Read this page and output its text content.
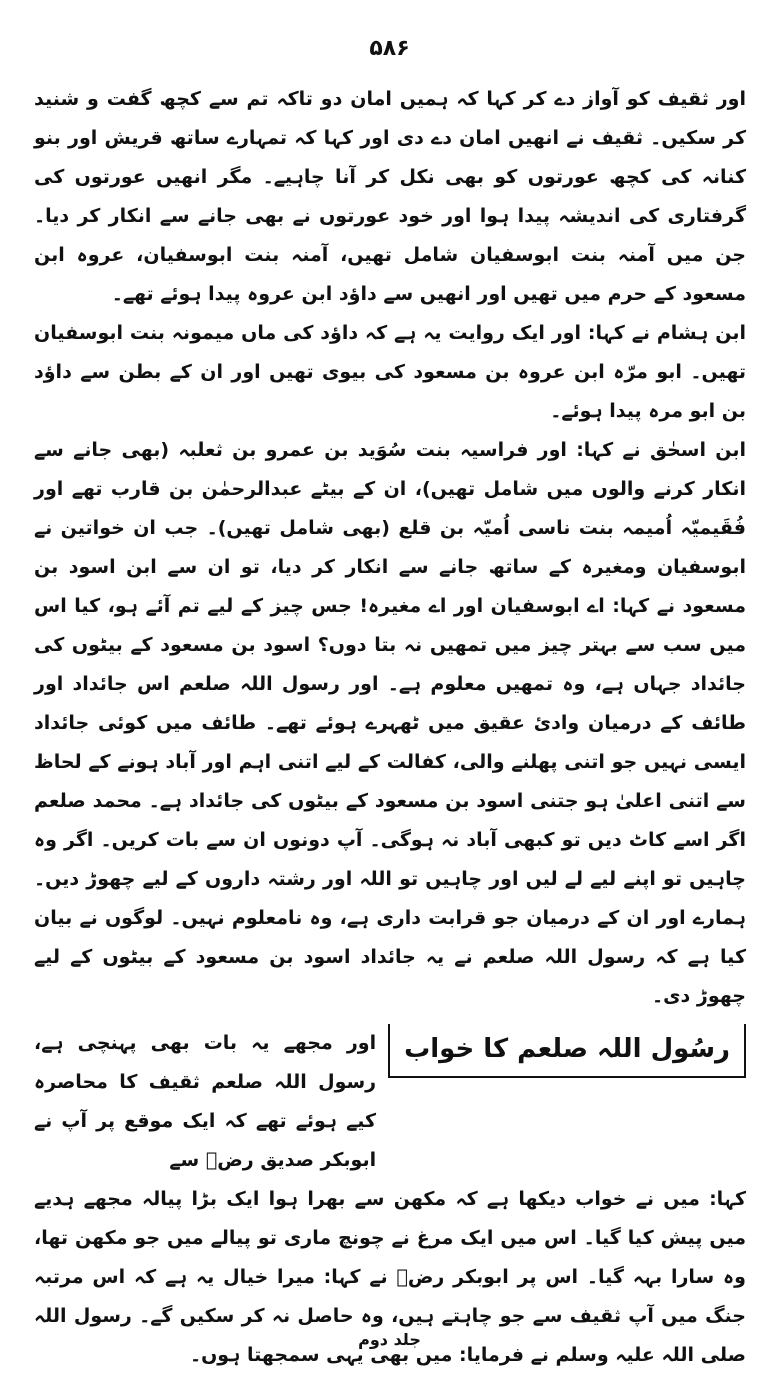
۵۸۶

اور ثقیف کو آواز دے کر کہا کہ ہمیں امان دو تاکہ تم سے کچھ گفت و شنید کر سکیں۔ ثقیف نے انھیں امان دے دی اور کہا کہ تمہارے ساتھ قریش اور بنو کنانہ کی کچھ عورتوں کو بھی نکل کر آنا چاہیے۔ مگر انھیں عورتوں کی گرفتاری کی اندیشہ پیدا ہوا اور خود عورتوں نے بھی جانے سے انکار کر دیا۔ جن میں آمنہ بنت ابوسفیان شامل تھیں، آمنہ بنت ابوسفیان، عروہ ابن مسعود کے حرم میں تھیں اور انھیں سے داؤد ابن عروہ پیدا ہوئے تھے۔

ابن ہشام نے کہا: اور ایک روایت یہ ہے کہ داؤد کی ماں میمونہ بنت ابوسفیان تھیں۔ ابو مرّہ ابن عروہ بن مسعود کی بیوی تھیں اور ان کے بطن سے داؤد بن ابو مرہ پیدا ہوئے۔

ابن اسحٰق نے کہا: اور فراسیہ بنت سُوَید بن عمرو بن ثعلبہ (بھی جانے سے انکار کرنے والوں میں شامل تھیں)، ان کے بیٹے عبدالرحمٰن بن قارب تھے اور فُقَیمیّہ اُمیمہ بنت ناسی اُمیّہ بن قلع (بھی شامل تھیں)۔ جب ان خواتین نے ابوسفیان ومغیرہ کے ساتھ جانے سے انکار کر دیا، تو ان سے ابن اسود بن مسعود نے کہا: اے ابوسفیان اور اے مغیرہ! جس چیز کے لیے تم آئے ہو، کیا اس میں سب سے بہتر چیز میں تمھیں نہ بتا دوں؟ اسود بن مسعود کے بیٹوں کی جائداد جہاں ہے، وہ تمھیں معلوم ہے۔ اور رسول اللہ صلعم اس جائداد اور طائف کے درمیان وادیٔ عقیق میں ٹھہرے ہوئے تھے۔ طائف میں کوئی جائداد ایسی نہیں جو اتنی پھلنے والی، کفالت کے لیے اتنی اہم اور آباد ہونے کے لحاظ سے اتنی اعلیٰ ہو جتنی اسود بن مسعود کے بیٹوں کی جائداد ہے۔ محمد صلعم اگر اسے کاٹ دیں تو کبھی آباد نہ ہوگی۔ آپ دونوں ان سے بات کریں۔ اگر وہ چاہیں تو اپنے لیے لے لیں اور چاہیں تو اللہ اور رشتہ داروں کے لیے چھوڑ دیں۔ ہمارے اور ان کے درمیان جو قرابت داری ہے، وہ نامعلوم نہیں۔ لوگوں نے بیان کیا ہے کہ رسول اللہ صلعم نے یہ جائداد اسود بن مسعود کے بیٹوں کے لیے چھوڑ دی۔

رسُول اللہ صلعم کا خواب
اور مجھے یہ بات بھی پہنچی ہے، رسول اللہ صلعم ثقیف کا محاصرہ کیے ہوئے تھے کہ ایک موقع پر آپ نے ابوبکر صدیق رضؓ سے

کہا: میں نے خواب دیکھا ہے کہ مکھن سے بھرا ہوا ایک بڑا پیالہ مجھے ہدیے میں پیش کیا گیا۔ اس میں ایک مرغ نے چونچ ماری تو پیالے میں جو مکھن تھا، وہ سارا بہہ گیا۔ اس پر ابوبکر رضؓ نے کہا: میرا خیال یہ ہے کہ اس مرتبہ جنگ میں آپ ثقیف سے جو چاہتے ہیں، وہ حاصل نہ کر سکیں گے۔ رسول اللہ صلی اللہ علیہ وسلم نے فرمایا: میں بھی یہی سمجھتا ہوں۔

جلد دوم
